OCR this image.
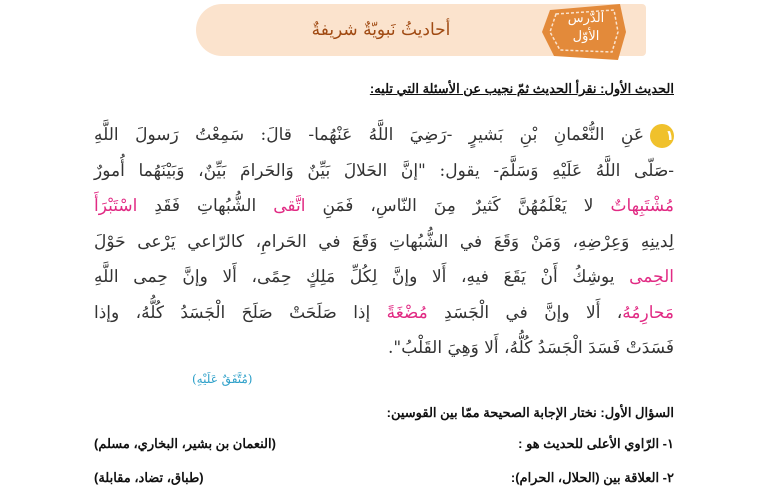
أحاديثُ نَبويّةٌ شريفةٌ
الدّرس
الأوّل
الحديث الأول: نقرأ الحديث ثمّ نجيب عن الأسئلة التي تليه:
١عَنِ النُّعْمانِ بْنِ بَشيرٍ -رَضِيَ اللَّهُ عَنْهُما- قالَ: سَمِعْتُ رَسولَ اللَّهِ
-صَلّى اللَّهُ عَلَيْهِ وَسَلَّمَ- يقول: "إنَّ الحَلالَ بَيِّنٌ وَالحَرامَ بَيِّنٌ، وَبَيْنَهُما أُمورٌ
مُشْتَبِهاتٌ لا يَعْلَمُهُنَّ كَثيرٌ مِنَ النّاسِ، فَمَنِ اتَّقى الشُّبُهاتِ فَقَدِ اسْتَبْرَأَ
لِدينِهِ وَعِرْضِهِ، وَمَنْ وَقَعَ في الشُّبُهاتِ وَقَعَ في الحَرامِ، كالرّاعي يَرْعى حَوْلَ
الحِمى يوشِكُ أَنْ يَقَعَ فيهِ، أَلا وإنَّ لِكُلِّ مَلِكٍ حِمًى، أَلا وإنَّ حِمى اللَّهِ
مَحارِمُهُ، أَلا وإنَّ في الْجَسَدِ مُضْغَةً إذا صَلَحَتْ صَلَحَ الْجَسَدُ كُلُّهُ، وإذا
فَسَدَتْ فَسَدَ الْجَسَدُ كُلُّهُ، أَلا وَهِيَ القَلْبُ".
(مُتَّفَقٌ عَلَيْهِ)
السؤال الأول: نختار الإجابة الصحيحة ممّا بين القوسين:
١- الرّاوي الأعلى للحديث هو :
(النعمان بن بشير، البخاري، مسلم)
٢- العلاقة بين (الحلال، الحرام):
(طباق، تضاد، مقابلة)
